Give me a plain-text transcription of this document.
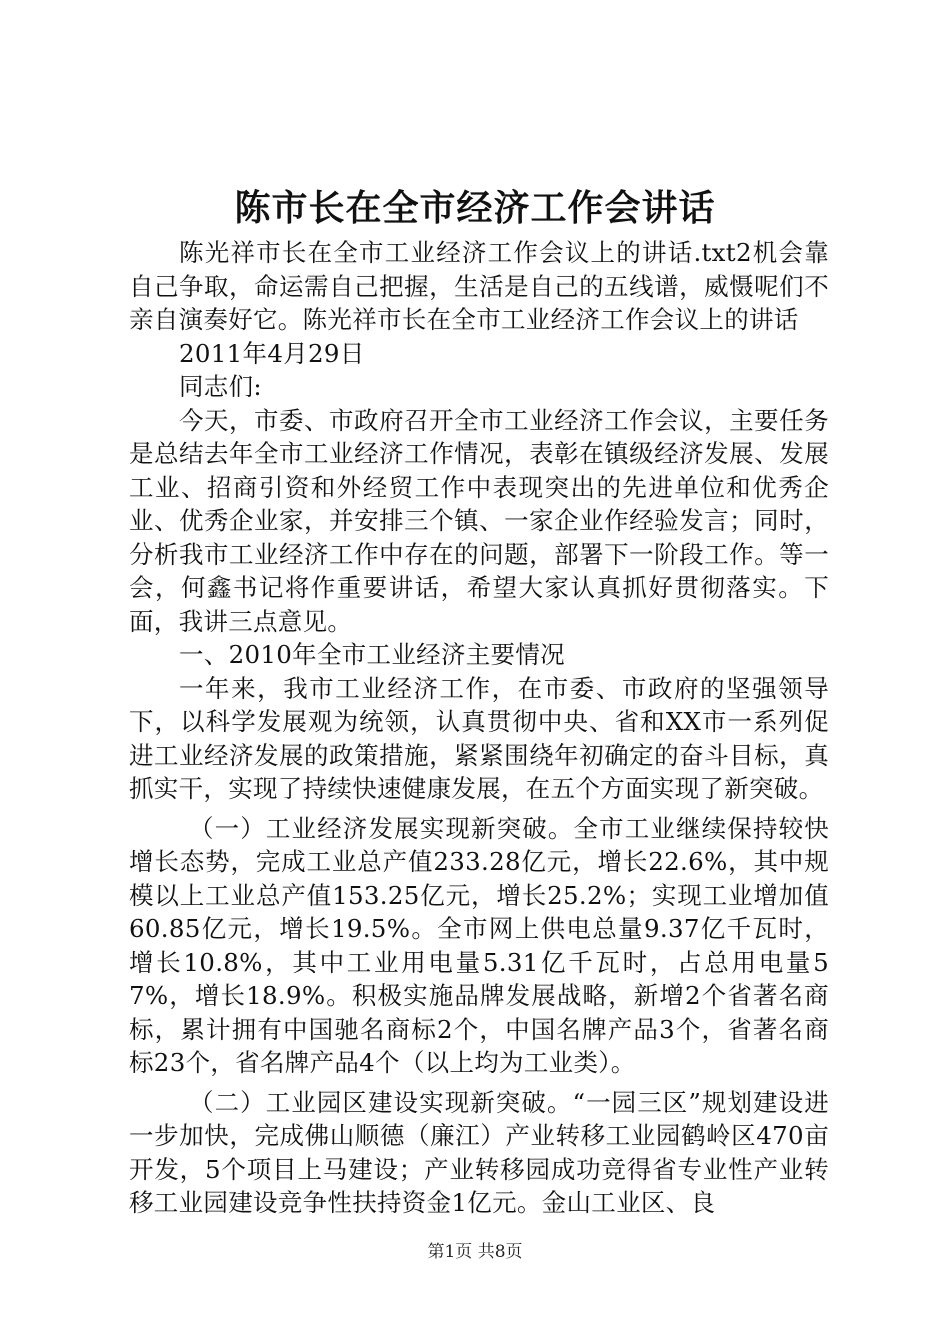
陈市长在全市经济工作会讲话

陈光祥市长在全市工业经济工作会议上的讲话.txt2机会靠自己争取，命运需自己把握，生活是自己的五线谱，威慑呢们不亲自演奏好它。陈光祥市长在全市工业经济工作会议上的讲话

2011年4月29日

同志们:

今天，市委、市政府召开全市工业经济工作会议，主要任务是总结去年全市工业经济工作情况，表彰在镇级经济发展、发展工业、招商引资和外经贸工作中表现突出的先进单位和优秀企业、优秀企业家，并安排三个镇、一家企业作经验发言；同时，分析我市工业经济工作中存在的问题，部署下一阶段工作。等一会，何鑫书记将作重要讲话，希望大家认真抓好贯彻落实。下面，我讲三点意见。

一、2010年全市工业经济主要情况

一年来，我市工业经济工作，在市委、市政府的坚强领导下，以科学发展观为统领，认真贯彻中央、省和XX市一系列促进工业经济发展的政策措施，紧紧围绕年初确定的奋斗目标，真抓实干，实现了持续快速健康发展，在五个方面实现了新突破。

（一）工业经济发展实现新突破。全市工业继续保持较快增长态势，完成工业总产值233.28亿元，增长22.6%，其中规模以上工业总产值153.25亿元，增长25.2%；实现工业增加值60.85亿元，增长19.5%。全市网上供电总量9.37亿千瓦时，增长10.8%，其中工业用电量5.31亿千瓦时，占总用电量57%，增长18.9%。积极实施品牌发展战略，新增2个省著名商标，累计拥有中国驰名商标2个，中国名牌产品3个，省著名商标23个，省名牌产品4个（以上均为工业类）。

（二）工业园区建设实现新突破。“一园三区”规划建设进一步加快，完成佛山顺德（廉江）产业转移工业园鹤岭区470亩开发，5个项目上马建设；产业转移园成功竞得省专业性产业转移工业园建设竞争性扶持资金1亿元。金山工业区、良

第1页 共8页
